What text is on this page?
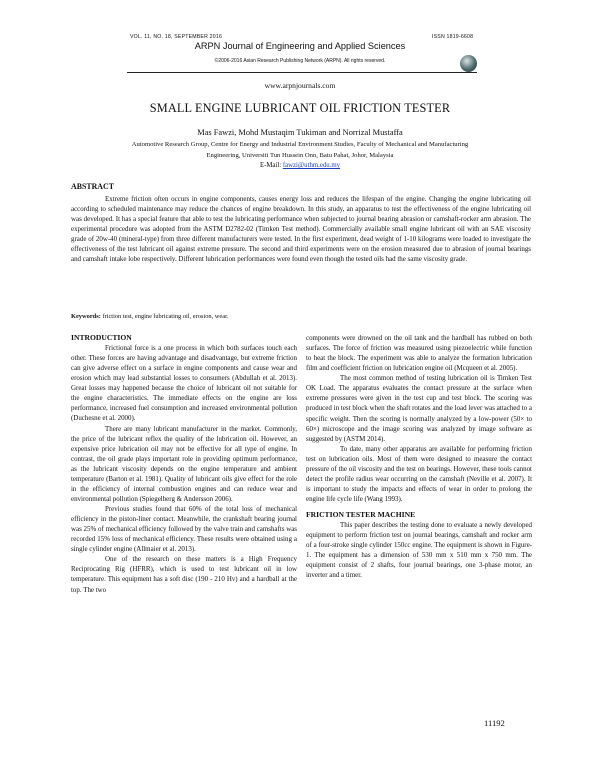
VOL. 11, NO. 18, SEPTEMBER 2016	ISSN 1819-6608
ARPN Journal of Engineering and Applied Sciences
©2006-2016 Asian Research Publishing Network (ARPN). All rights reserved.
www.arpnjournals.com
SMALL ENGINE LUBRICANT OIL FRICTION TESTER
Mas Fawzi, Mohd Mustaqim Tukiman and Norrizal Mustaffa
Automotive Research Group, Centre for Energy and Industrial Environment Studies, Faculty of Mechanical and Manufacturing
Engineering, Universiti Tun Hussein Onn, Batu Pahat, Johor, Malaysia
E-Mail: fawzi@uthm.edu.my
ABSTRACT

Extreme friction often occurs in engine components, causes energy loss and reduces the lifespan of the engine. Changing the engine lubricating oil according to scheduled maintenance may reduce the chances of engine breakdown. In this study, an apparatus to test the effectiveness of the engine lubricating oil was developed. It has a special feature that able to test the lubricating performance when subjected to journal bearing abrasion or camshaft-rocker arm abrasion. The experimental procedure was adopted from the ASTM D2782-02 (Timken Test method). Commercially available small engine lubricant oil with an SAE viscosity grade of 20w-40 (mineral-type) from three different manufacturers were tested. In the first experiment, dead weight of 1-10 kilograms were loaded to investigate the effectiveness of the test lubricant oil against extreme pressure. The second and third experiments were on the erosion measured due to abrasion of journal bearings and camshaft intake lobe respectively. Different lubrication performances were found even though the tested oils had the same viscosity grade.

Keywords: friction test, engine lubricating oil, erosion, wear.
INTRODUCTION

Frictional force is a one process in which both surfaces touch each other. These forces are having advantage and disadvantage, but extreme friction can give adverse effect on a surface in engine components and cause wear and erosion which may lead substantial losses to consumers (Abdullah et al. 2013). Great losses may happened because the choice of lubricant oil not suitable for the engine characteristics. The immediate effects on the engine are loss performance, increased fuel consumption and increased environmental pollution (Duchesne et al. 2000).

There are many lubricant manufacturer in the market. Commonly, the price of the lubricant reflex the quality of the lubrication oil. However, an expensive price lubrication oil may not be effective for all type of engine. In contrast, the oil grade plays important role in providing optimum performance, as the lubricant viscosity depends on the engine temperature and ambient temperature (Barton et al. 1981). Quality of lubricant oils give effect for the role in the efficiency of internal combustion engines and can reduce wear and environmental pollution (Spiegelberg & Andersson 2006).

Previous studies found that 60% of the total loss of mechanical efficiency in the piston-liner contact. Meanwhile, the crankshaft bearing journal was 25% of mechanical efficiency followed by the valve train and camshafts was recorded 15% loss of mechanical efficiency. These results were obtained using a single cylinder engine (Allmaier et al. 2013).

One of the research on these matters is a High Frequency Reciprocating Rig (HFRR), which is used to test lubricant oil in low temperature. This equipment has a soft disc (190 - 210 Hv) and a hardball at the top. The two

components were drowned on the oil tank and the hardball has rubbed on both surfaces. The force of friction was measured using piezoelectric while function to heat the block. The experiment was able to analyze the formation lubrication film and coefficient friction on lubrication engine oil (Mcqueen et al. 2005).

The most common method of testing lubrication oil is Timken Test OK Load. The apparatus evaluates the contact pressure at the surface when extreme pressures were given in the test cup and test block. The scoring was produced in test block when the shaft rotates and the load lever was attached to a specific weight. Then the scoring is normally analyzed by a low-power (50× to 60×) microscope and the image scoring was analyzed by image software as suggested by (ASTM 2014).

To date, many other apparatus are available for performing friction test on lubrication oils. Most of them were designed to measure the contact pressure of the oil viscosity and the test on bearings. However, these tools cannot detect the profile radius wear occurring on the camshaft (Neville et al. 2007). It is important to study the impacts and effects of wear in order to prolong the engine life cycle life (Wang 1993).

FRICTION TESTER MACHINE

This paper describes the testing done to evaluate a newly developed equipment to perform friction test on journal bearings, camshaft and rocker arm of a four-stroke single cylinder 150cc engine. The equipment is shown in Figure-1. The equipment has a dimension of 530 mm x 510 mm x 750 mm. The equipment consist of 2 shafts, four journal bearings, one 3-phase motor, an inverter and a timer.

11192
